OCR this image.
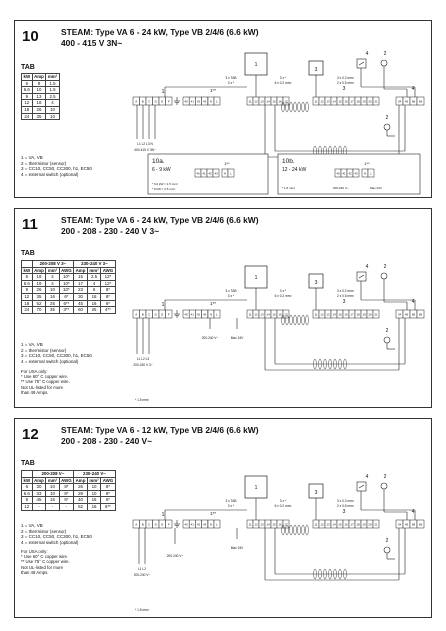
10	STEAM: Type VA 6 - 24 kW, Type VB 2/4/6 (6.6 kW)
400 - 415 V 3N~
TAB
kW	Amp	mm²
6	9	1.5
6.6	10	1.5
9	13	2.5
12	18	4
18	26	10
24	35	10
1 = VA, VB
2 = thermistor (sensor)
3 = CC10, CC50, CC300, h1, EC50
4 = external switch (optional)
1
A B C D E F	40 41 42 43
1**
N L	11 12 13 14 15 16 17
3
11 12 13 14 15 16 17 18 19 20 21
4
34 45 68 69
1
3
3 x TAB
3 x *
3 x *
6 x 0.2 mm²
3 x 0.2 mm²
2 x 0.5 mm²
4	2
2
L1 L2 L3 N
400-415 V 3N~
10a.
6 - 9 kW
40 41 42 43 N L
1**
* 6.6 kW = 1.5 mm²
* 9 kW = 2.5 mm²
10b.
12 - 24 kW
40 41 42 43 N L
1**
* 1.5 mm²	200-240 V~	Max 24V
11	STEAM: Type VA 6 - 24 kW, Type VB 2/4/6 (6.6 kW)
200 - 208 - 230 - 240 V 3~
TAB
	200-208 V 3~			230-240 V 3~		
kW	Amp	mm²	AWG	Amp	mm²	AWG
6	18	4	10*	15	2.5	12*
6.6	19	4	10*	17	4	12*
9	26	10	10*	23	6	8*
12	35	16	6*	30	16	8*
18	52	25	6**	45	16	6*
24	70	35	3**	60	25	4**
1 = VA, VB
2 = thermistor (sensor)
3 = CC10, CC50, CC300, h1, EC50
4 = external switch (optional)
For USA only:
* Use 60° C copper wire.
** Use 75° C copper wire.
Not UL-listed for more
than 48 Amps.
1
A B C D E F	40 41 42 43
1**
N L	11 12 13 14 15 16 17
3
11 12 13 14 15 16 17 18 19 20 21
4
34 45 68 69
1
3
3 x TAB
3 x *
3 x *
6 x 0.2 mm²
3 x 0.2 mm²
2 x 0.5 mm²
4	2
2
L1 L2 L3
200-240 V 3~
200-240 V~	Max 24V
* 1.5 mm²
12	STEAM: Type VA 6 - 12 kW, Type VB 2/4/6 (6.6 kW)
200 - 208 - 230 - 240 V~
TAB
	200-208 V~			230-240 V~		
kW	Amp	mm²	AWG	Amp	mm²	AWG
6	30	10	8*	26	10	8*
6.6	33	10	8*	29	10	8*
9	45	16	6*	40	16	6*
12	-	-	-	52	16	6**
1 = VA, VB
2 = thermistor (sensor)
3 = CC10, CC50, CC300, h1, EC50
4 = external switch (optional)
For USA only:
* Use 60° C copper wire.
** Use 75° C copper wire.
Not UL-listed for more
than 48 Amps.
1
A B C D E F	40 41 42 43
1**
N L	11 12 13 14 15 16 17
3
11 12 13 14 15 16 17 18 19 20 21
4
34 45 68 69
1
3
3 x TAB
3 x *
3 x *
6 x 0.2 mm²
3 x 0.2 mm²
2 x 0.5 mm²
4	2
2
L1 L2
200-240 V~
200-240 V~
Max 24V
* 1.5 mm²
